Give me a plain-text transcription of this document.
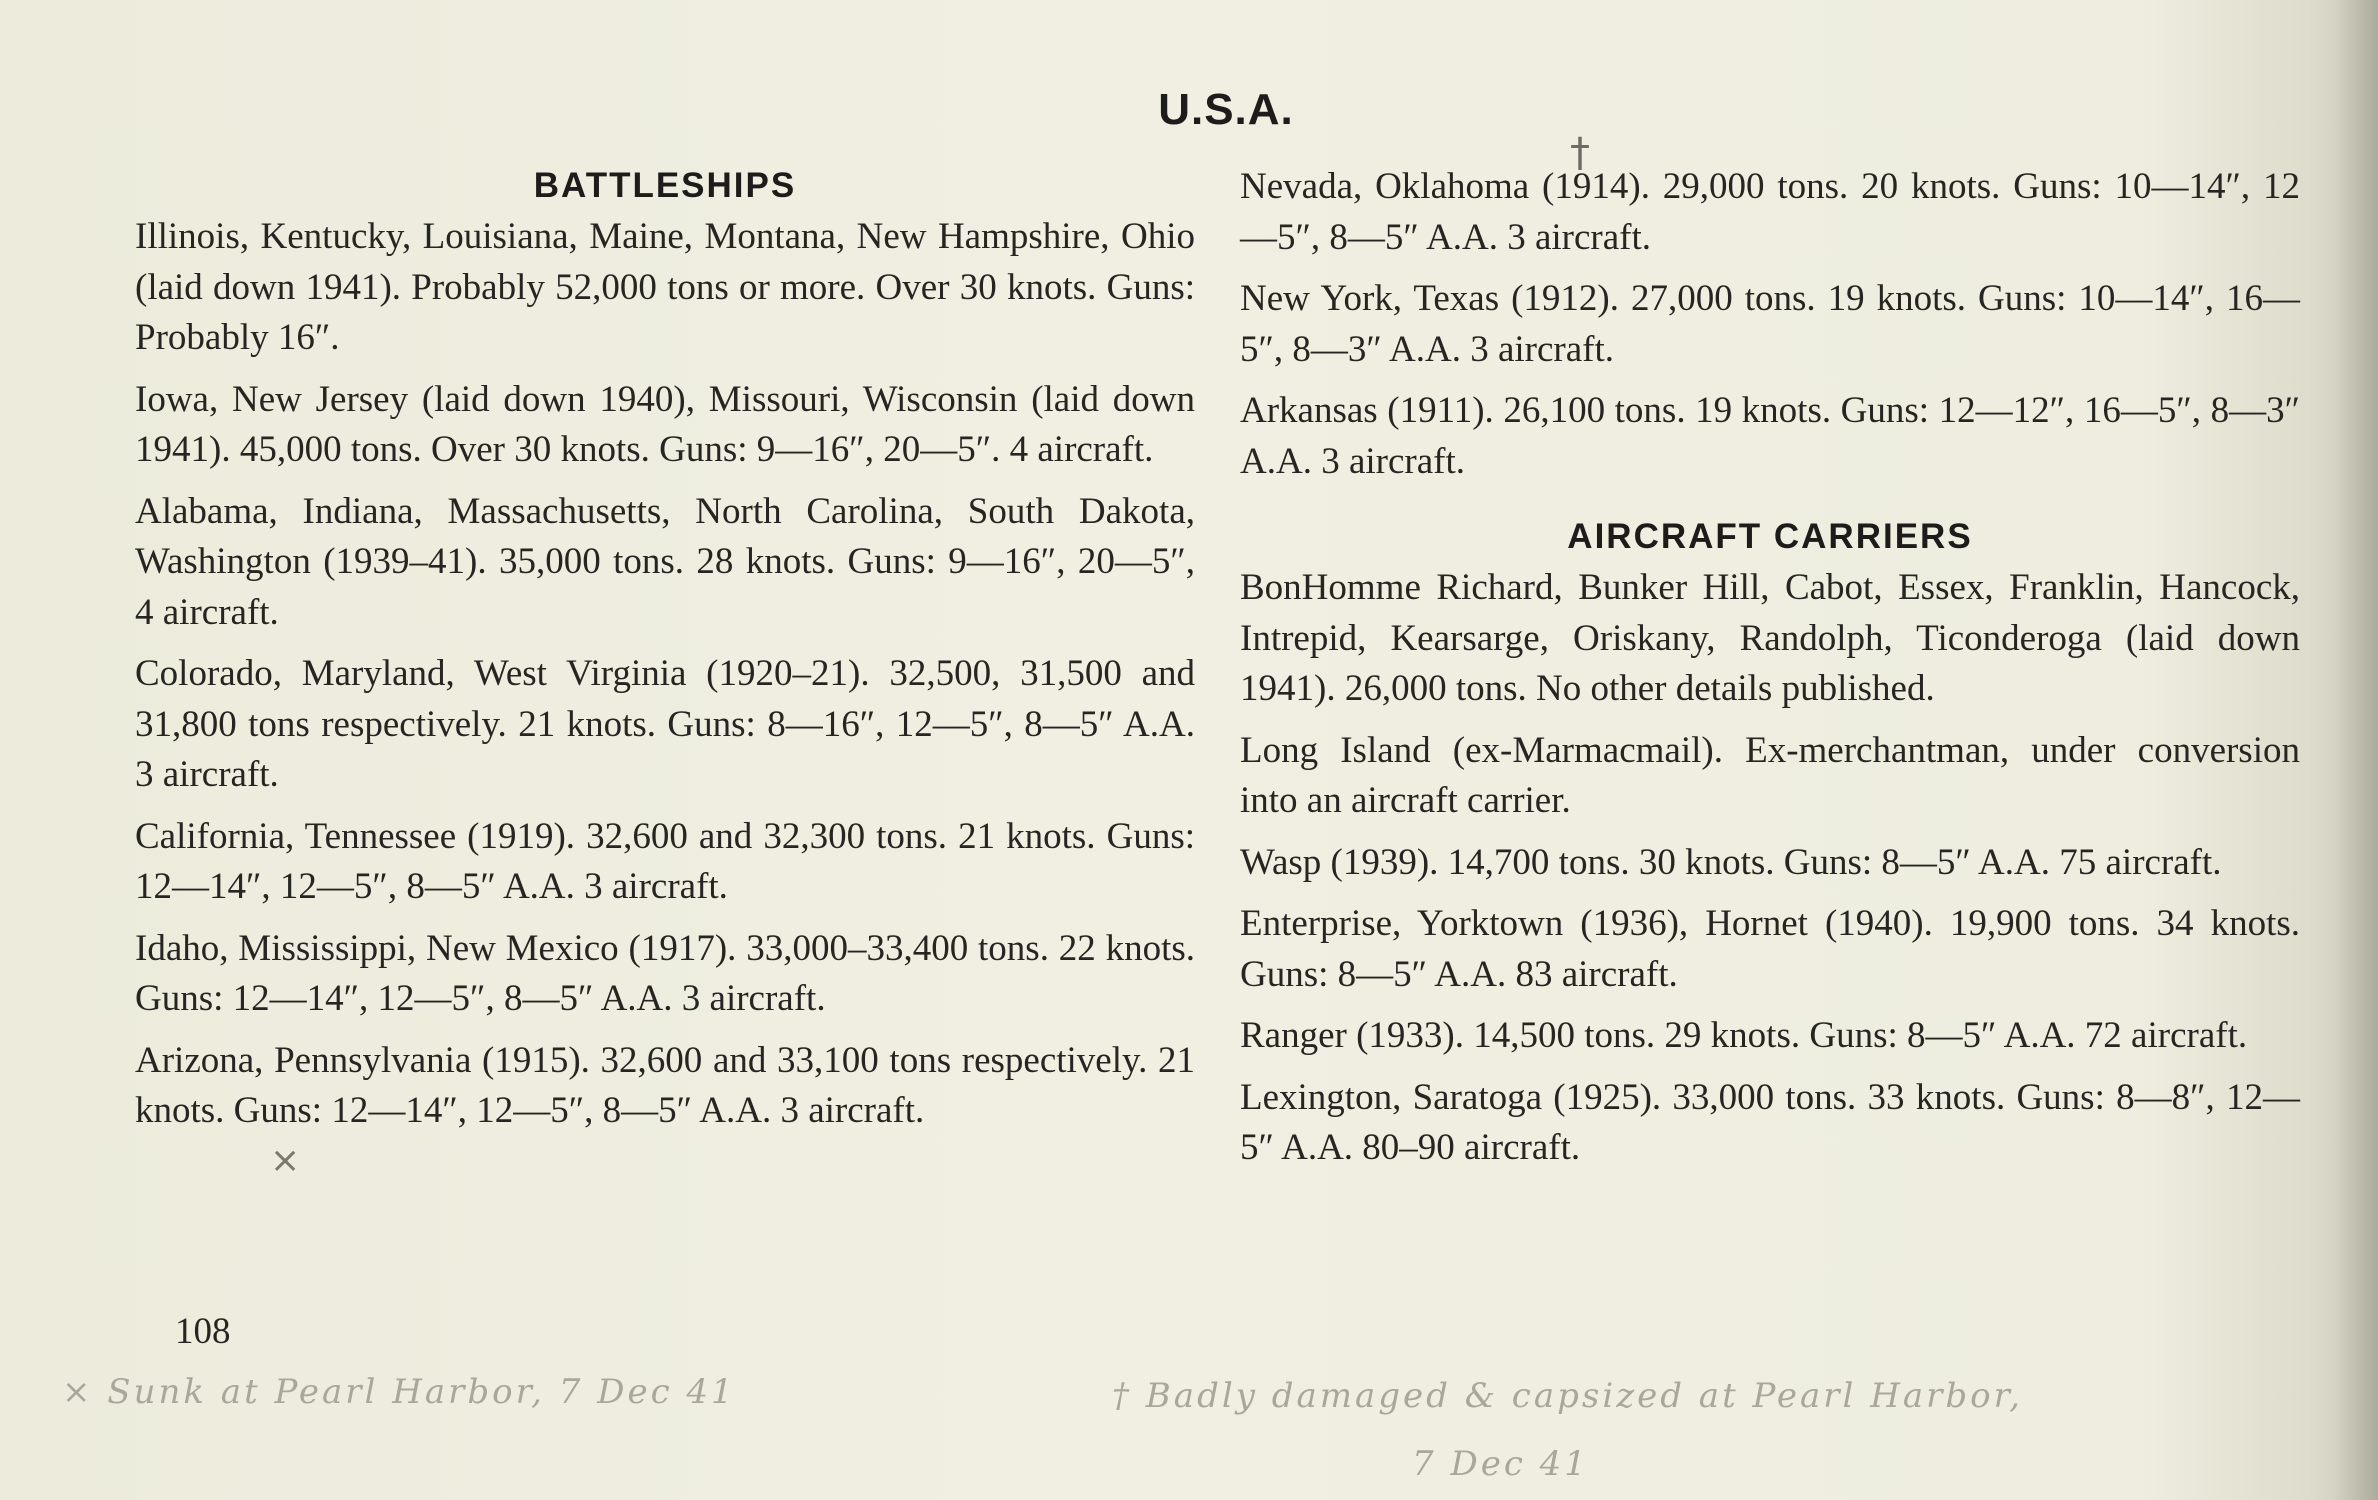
U.S.A.
BATTLESHIPS

Illinois, Kentucky, Louisiana, Maine, Montana, New Hampshire, Ohio (laid down 1941). Probably 52,000 tons or more. Over 30 knots. Guns: Probably 16″.

Iowa, New Jersey (laid down 1940), Missouri, Wisconsin (laid down 1941). 45,000 tons. Over 30 knots. Guns: 9—16″, 20—5″. 4 aircraft.

Alabama, Indiana, Massachusetts, North Carolina, South Dakota, Washington (1939–41). 35,000 tons. 28 knots. Guns: 9—16″, 20—5″, 4 aircraft.

Colorado, Maryland, West Virginia (1920–21). 32,500, 31,500 and 31,800 tons respectively. 21 knots. Guns: 8—16″, 12—5″, 8—5″ A.A. 3 aircraft.

California, Tennessee (1919). 32,600 and 32,300 tons. 21 knots. Guns: 12—14″, 12—5″, 8—5″ A.A. 3 aircraft.

Idaho, Mississippi, New Mexico (1917). 33,000–33,400 tons. 22 knots. Guns: 12—14″, 12—5″, 8—5″ A.A. 3 aircraft.

Arizona, Pennsylvania (1915). 32,600 and 33,100 tons respectively. 21 knots. Guns: 12—14″, 12—5″, 8—5″ A.A. 3 aircraft.

Nevada, Oklahoma (1914). 29,000 tons. 20 knots. Guns: 10—14″, 12—5″, 8—5″ A.A. 3 aircraft.

New York, Texas (1912). 27,000 tons. 19 knots. Guns: 10—14″, 16—5″, 8—3″ A.A. 3 aircraft.

Arkansas (1911). 26,100 tons. 19 knots. Guns: 12—12″, 16—5″, 8—3″ A.A. 3 aircraft.

AIRCRAFT CARRIERS

BonHomme Richard, Bunker Hill, Cabot, Essex, Franklin, Hancock, Intrepid, Kearsarge, Oriskany, Randolph, Ticonderoga (laid down 1941). 26,000 tons. No other details published.

Long Island (ex-Marmacmail). Ex-merchantman, under conversion into an aircraft carrier.

Wasp (1939). 14,700 tons. 30 knots. Guns: 8—5″ A.A. 75 aircraft.

Enterprise, Yorktown (1936), Hornet (1940). 19,900 tons. 34 knots. Guns: 8—5″ A.A. 83 aircraft.

Ranger (1933). 14,500 tons. 29 knots. Guns: 8—5″ A.A. 72 aircraft.

Lexington, Saratoga (1925). 33,000 tons. 33 knots. Guns: 8—8″, 12—5″ A.A. 80–90 aircraft.

108
×
†
× Sunk at Pearl Harbor, 7 Dec 41	† Badly damaged & capsized at Pearl Harbor,
7 Dec 41
